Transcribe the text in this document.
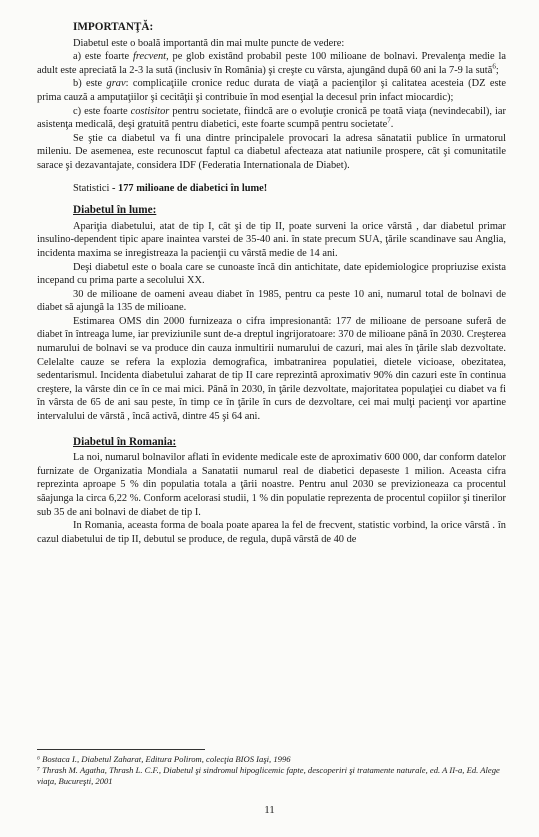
IMPORTANŢĂ:

Diabetul este o boală importantă din mai multe puncte de vedere:

a) este foarte frecvent, pe glob existând probabil peste 100 milioane de bolnavi. Prevalenţa medie la adult este apreciată la 2-3 la sută (inclusiv în România) şi creşte cu vârsta, ajungând după 60 ani la 7-9 la sută$^6$;

b) este grav: complicaţiile cronice reduc durata de viaţă a pacienţilor şi calitatea acesteia (DZ este prima cauză a amputaţiilor şi cecităţii şi contribuie în mod esenţial la decesul prin infact miocardic);

c) este foarte costisitor pentru societate, fiindcă are o evoluţie cronică pe toată viaţa (nevindecabil), iar asistenţa medicală, deşi gratuită pentru diabetici, este foarte scumpă pentru societate$^7$.

Se ştie ca diabetul va fi una dintre principalele provocari la adresa sănatatii publice în urmatorul mileniu. De asemenea, este recunoscut faptul ca diabetul afecteaza atat natiunile prospere, cât şi comunitatile sarace şi dezavantajate, considera IDF (Federatia Internationala de Diabet).

Statistici - 177 milioane de diabetici în lume!

Diabetul în lume:

Apariţia diabetului, atat de tip I, cât şi de tip II, poate surveni la orice vârstă , dar diabetul primar insulino-dependent tipic apare inaintea varstei de 35-40 ani. în state precum SUA, ţările scandinave sau Anglia, incidenta maxima se inregistreaza la pacienţii cu vârstă medie de 14 ani.

Deşi diabetul este o boala care se cunoaste încă din antichitate, date epidemiologice propriuzise exista incepand cu prima parte a secolului XX.

30 de milioane de oameni aveau diabet în 1985, pentru ca peste 10 ani, numarul total de bolnavi de diabet să ajungă la 135 de milioane.

Estimarea OMS din 2000 furnizeaza o cifra impresionantă: 177 de milioane de persoane suferă de diabet în întreaga lume, iar previziunile sunt de-a dreptul ingrijoratoare: 370 de milioane până în 2030. Creşterea numarului de bolnavi se va produce din cauza inmultirii numarului de cazuri, mai ales în ţările slab dezvoltate. Celelalte cauze se refera la explozia demografica, imbatranirea populatiei, dietele vicioase, obezitatea, sedentarismul. Incidenta diabetului zaharat de tip II care reprezintă aproximativ 90% din cazuri este în continua creştere, la vârste din ce în ce mai mici. Până în 2030, în ţările dezvoltate, majoritatea populaţiei cu diabet va fi în vârsta de 65 de ani sau peste, în timp ce în ţările în curs de dezvoltare, cei mai mulţi pacienţi vor apartine intervalului de vârstă , încă activă, dintre 45 şi 64 ani.

Diabetul în Romania:

La noi, numarul bolnavilor aflati în evidente medicale este de aproximativ 600 000, dar conform datelor furnizate de Organizatia Mondiala a Sanatatii numarul real de diabetici depaseste 1 milion. Aceasta cifra reprezinta aproape 5 % din populatia totala a ţării noastre. Pentru anul 2030 se previzioneaza ca procentul săajunga la circa 6,22 %. Conform acelorasi studii, 1 % din populatie reprezenta de procentul copiilor şi tinerilor sub 35 de ani bolnavi de diabet de tip I.

In Romania, aceasta forma de boala poate aparea la fel de frecvent, statistic vorbind, la orice vârstă . în cazul diabetului de tip II, debutul se produce, de regula, după vârstă de 40 de

⁶ Bostaca I., Diabetul Zaharat, Editura Polirom, colecţia BIOS Iaşi, 1996

⁷ Thrash M. Agatha, Thrash L. C.F., Diabetul şi sindromul hipoglicemic fapte, descoperiri şi tratamente naturale, ed. A II-a, Ed. Alege viaţa, Bucureşti, 2001

11
